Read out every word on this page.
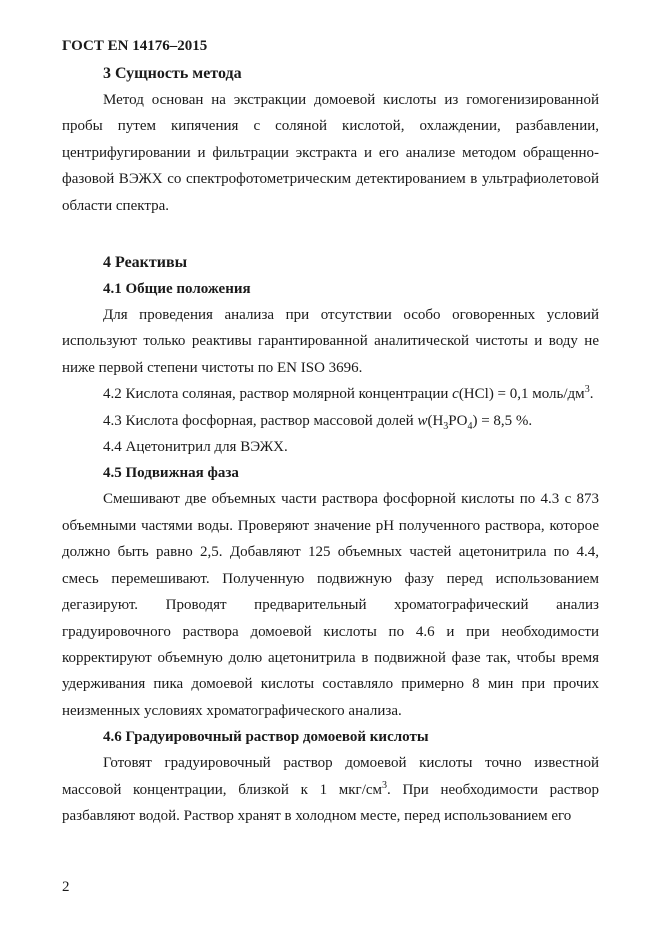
ГОСТ EN 14176–2015
3 Сущность метода

Метод основан на экстракции домоевой кислоты из гомогенизированной пробы путем кипячения с соляной кислотой, охлаждении, разбавлении, центрифугировании и фильтрации экстракта и его анализе методом обращенно-фазовой ВЭЖХ со спектрофотометрическим детектированием в ультрафиолетовой области спектра.

4 Реактивы
4.1 Общие положения

Для проведения анализа при отсутствии особо оговоренных условий используют только реактивы гарантированной аналитической чистоты и воду не ниже первой степени чистоты по EN ISO 3696.

4.2 Кислота соляная, раствор молярной концентрации c(HCl) = 0,1 моль/$дм^3$.

4.3 Кислота фосфорная, раствор массовой долей $w(H_3PO_4) = 8,5$ %.

4.4 Ацетонитрил для ВЭЖХ.

4.5 Подвижная фаза

Смешивают две объемных части раствора фосфорной кислоты по 4.3 с 873 объемными частями воды. Проверяют значение pH полученного раствора, которое должно быть равно 2,5. Добавляют 125 объемных частей ацетонитрила по 4.4, смесь перемешивают. Полученную подвижную фазу перед использованием дегазируют. Проводят предварительный хроматографический анализ градуировочного раствора домоевой кислоты по 4.6 и при необходимости корректируют объемную долю ацетонитрила в подвижной фазе так, чтобы время удерживания пика домоевой кислоты составляло примерно 8 мин при прочих неизменных условиях хроматографического анализа.

4.6 Градуировочный раствор домоевой кислоты

Готовят градуировочный раствор домоевой кислоты точно известной массовой концентрации, близкой к 1 мкг/$см^3$. При необходимости раствор разбавляют водой. Раствор хранят в холодном месте, перед использованием его

2
